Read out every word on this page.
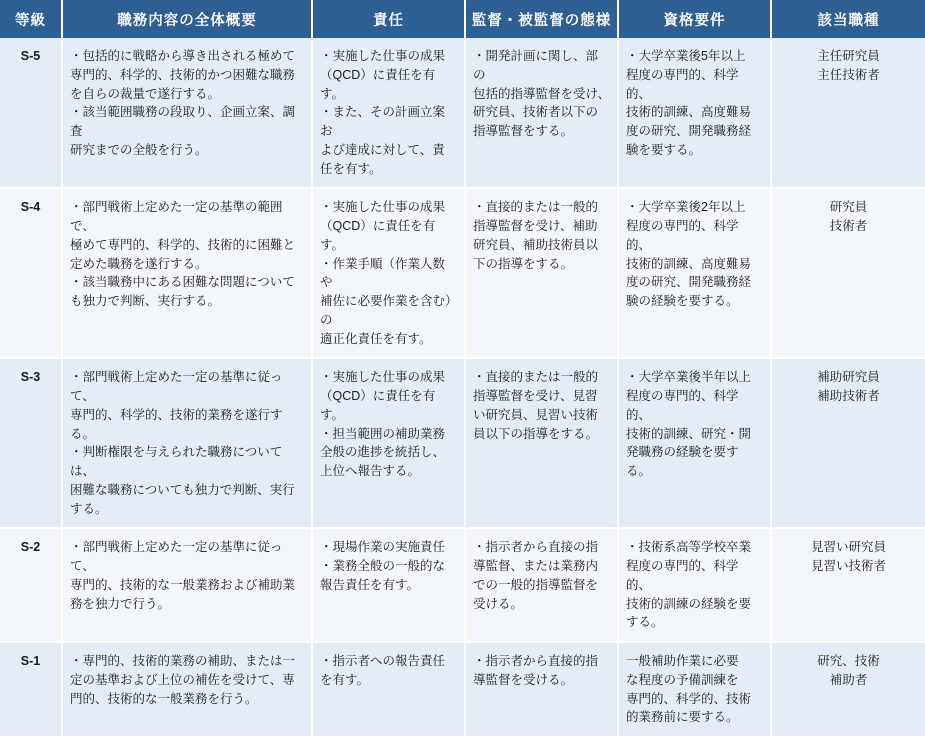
等級	職務内容の全体概要	責任	監督・被監督の態様	資格要件	該当職種
S-5	・包括的に戦略から導き出される極めて
専門的、科学的、技術的かつ困難な職務
を自らの裁量で遂行する。
・該当範囲職務の段取り、企画立案、調査
研究までの全般を行う。	・実施した仕事の成果
（QCD）に責任を有す。
・また、その計画立案お
よび達成に対して、責
任を有す。	・開発計画に関し、部の
包括的指導監督を受け、
研究員、技術者以下の
指導監督をする。	・大学卒業後5年以上
程度の専門的、科学的、
技術的訓練、高度難易
度の研究、開発職務経
験を要する。	主任研究員
主任技術者

S-4	・部門戦術上定めた一定の基準の範囲で、
極めて専門的、科学的、技術的に困難と
定めた職務を遂行する。
・該当職務中にある困難な問題について
も独力で判断、実行する。	・実施した仕事の成果
（QCD）に責任を有す。
・作業手順（作業人数や
補佐に必要作業を含む）の
適正化責任を有す。	・直接的または一般的
指導監督を受け、補助
研究員、補助技術員以
下の指導をする。	・大学卒業後2年以上
程度の専門的、科学的、
技術的訓練、高度難易
度の研究、開発職務経
験の経験を要する。	研究員
技術者

S-3	・部門戦術上定めた一定の基準に従って、
専門的、科学的、技術的業務を遂行する。
・判断権限を与えられた職務については、
困難な職務についても独力で判断、実行
する。	・実施した仕事の成果
（QCD）に責任を有す。
・担当範囲の補助業務
全般の進捗を統括し、
上位へ報告する。	・直接的または一般的
指導監督を受け、見習
い研究員、見習い技術
員以下の指導をする。	・大学卒業後半年以上
程度の専門的、科学的、
技術的訓練、研究・開
発職務の経験を要する。	補助研究員
補助技術者

S-2	・部門戦術上定めた一定の基準に従って、
専門的、技術的な一般業務および補助業
務を独力で行う。	・現場作業の実施責任
・業務全般の一般的な
報告責任を有す。	・指示者から直接の指
導監督、または業務内
での一般的指導監督を
受ける。	・技術系高等学校卒業
程度の専門的、科学的、
技術的訓練の経験を要
する。	見習い研究員
見習い技術者

S-1	・専門的、技術的業務の補助、または一
定の基準および上位の補佐を受けて、専
門的、技術的な一般業務を行う。	・指示者への報告責任
を有す。	・指示者から直接的指
導監督を受ける。	一般補助作業に必要
な程度の予備訓練を
専門的、科学的、技術
的業務前に要する。	研究、技術
補助者
